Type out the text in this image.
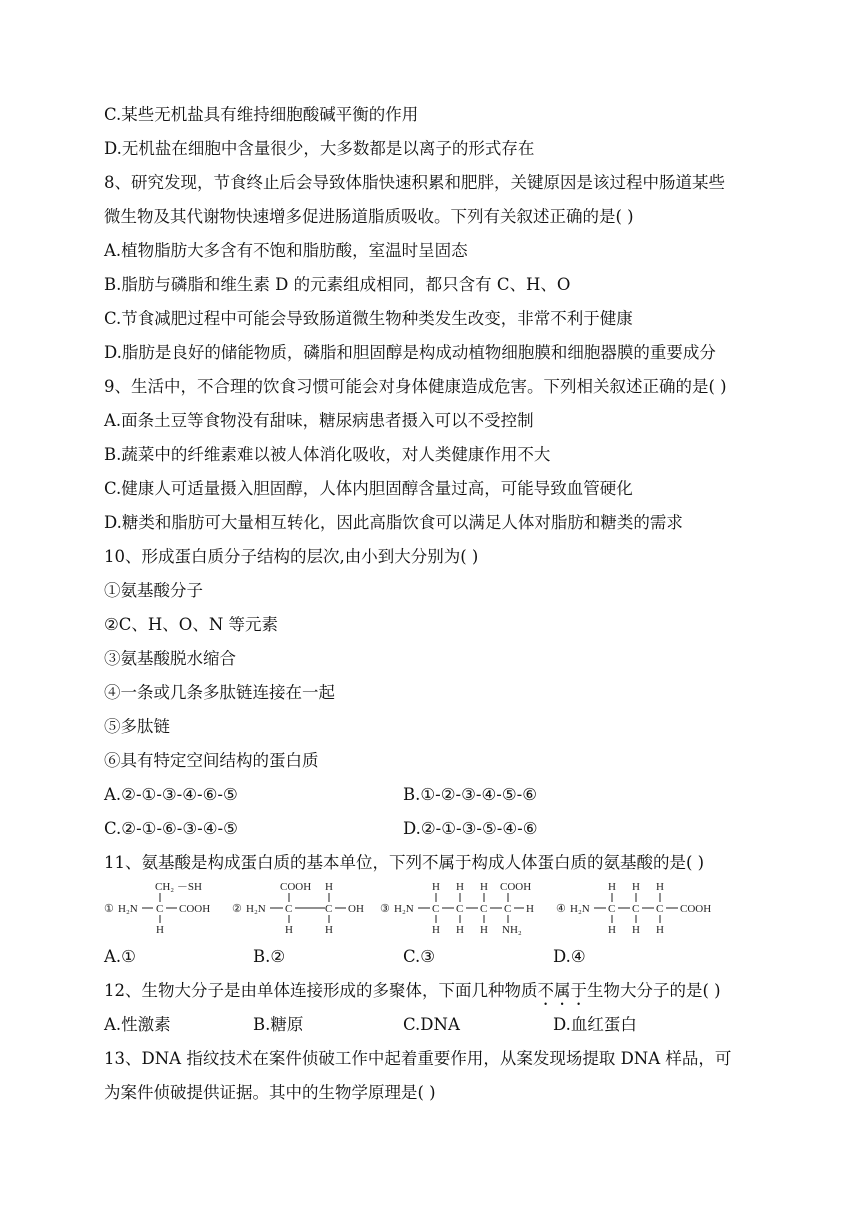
C.某些无机盐具有维持细胞酸碱平衡的作用
D.无机盐在细胞中含量很少，大多数都是以离子的形式存在
8、研究发现，节食终止后会导致体脂快速积累和肥胖，关键原因是该过程中肠道某些
微生物及其代谢物快速增多促进肠道脂质吸收。下列有关叙述正确的是( )
A.植物脂肪大多含有不饱和脂肪酸，室温时呈固态
B.脂肪与磷脂和维生素 D 的元素组成相同，都只含有 C、H、O
C.节食减肥过程中可能会导致肠道微生物种类发生改变，非常不利于健康
D.脂肪是良好的储能物质，磷脂和胆固醇是构成动植物细胞膜和细胞器膜的重要成分
9、生活中，不合理的饮食习惯可能会对身体健康造成危害。下列相关叙述正确的是( )
A.面条土豆等食物没有甜味，糖尿病患者摄入可以不受控制
B.蔬菜中的纤维素难以被人体消化吸收，对人类健康作用不大
C.健康人可适量摄入胆固醇，人体内胆固醇含量过高，可能导致血管硬化
D.糖类和脂肪可大量相互转化，因此高脂饮食可以满足人体对脂肪和糖类的需求
10、形成蛋白质分子结构的层次,由小到大分别为( )
①氨基酸分子
②C、H、O、N 等元素
③氨基酸脱水缩合
④一条或几条多肽链连接在一起
⑤多肽链
⑥具有特定空间结构的蛋白质
A.②-①-③-④-⑥-⑤	B.①-②-③-④-⑤-⑥
C.②-①-⑥-③-④-⑤	D.②-①-③-⑤-④-⑥
11、氨基酸是构成蛋白质的基本单位，下列不属于构成人体蛋白质的氨基酸的是( )
① H₂N
CH₂ －SH
C COOH
H
② H₂N
COOH
C
H
C OH
H	H
③ H₂N
H
C
H
C
H
C
COOH
C H
H H H NH₂
④ H₂N
H
C
H
C
H
C COOH
H H H
A.①	B.②	C.③	D.④
12、生物大分子是由单体连接形成的多聚体，下面几种物质不属于生物大分子的是( )
A.性激素	B.糖原	C.DNA	D.血红蛋白
13、DNA 指纹技术在案件侦破工作中起着重要作用，从案发现场提取 DNA 样品，可
为案件侦破提供证据。其中的生物学原理是( )
